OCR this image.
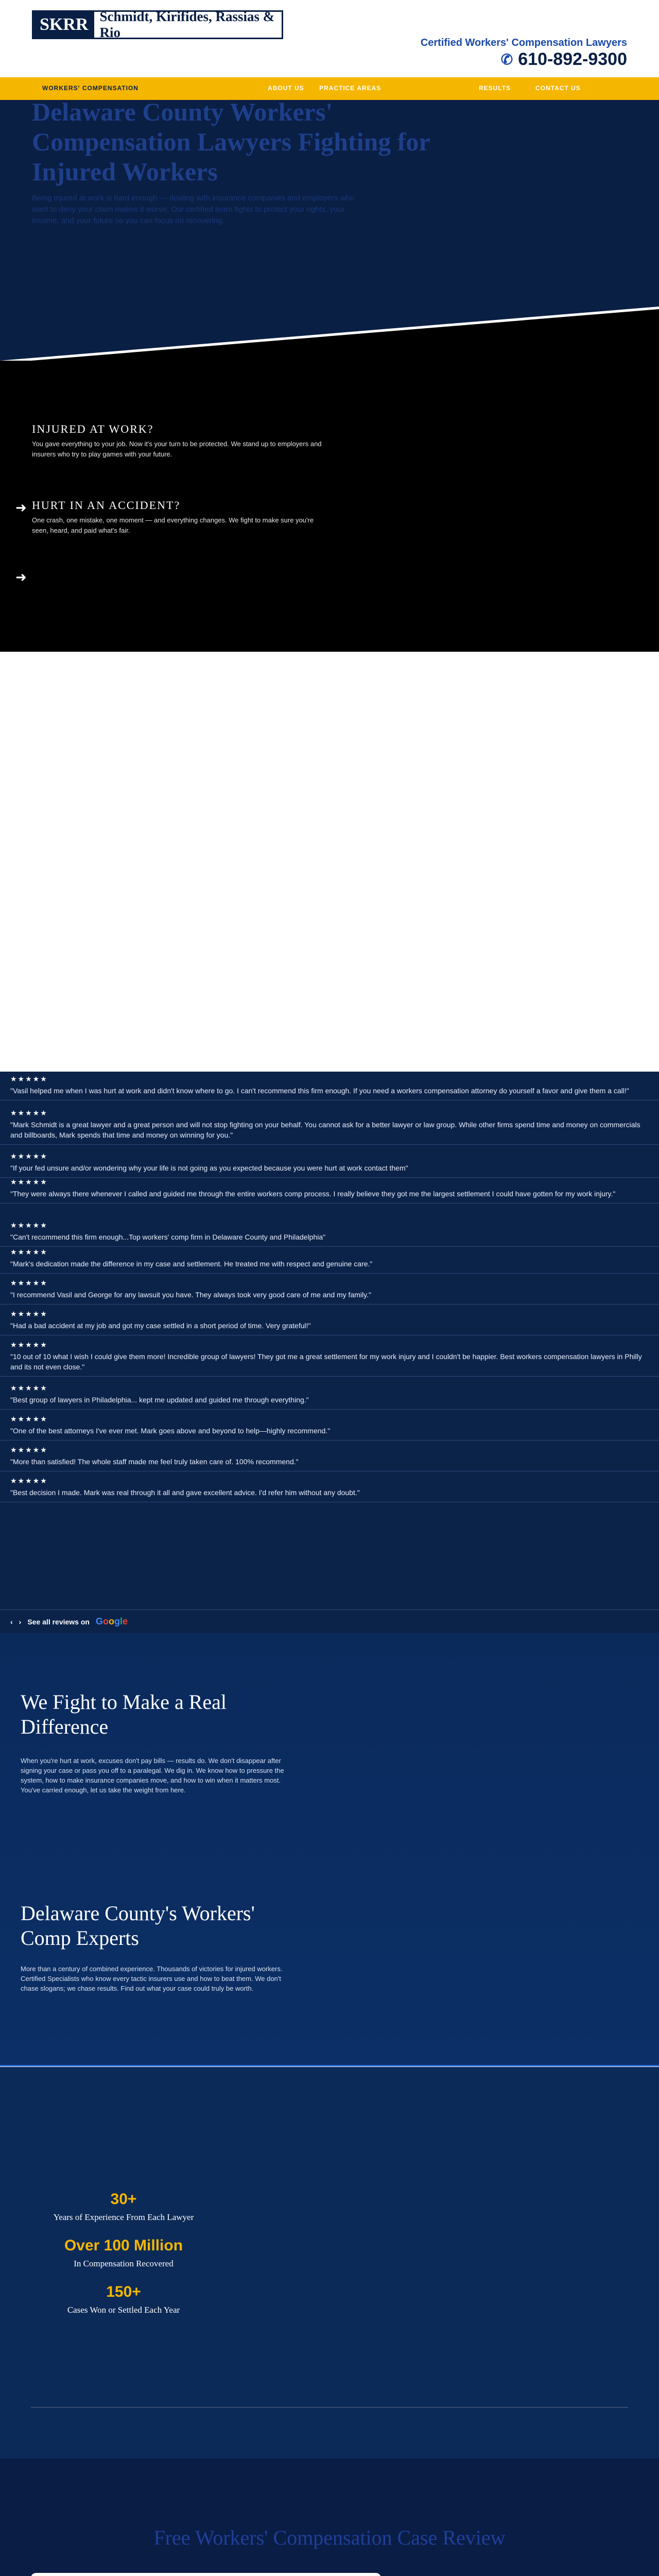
SKRR Schmidt, Kirifides, Rassias & Rio
Certified Workers' Compensation Lawyers
✆ 610-892-9300
WORKERS' COMPENSATION	ABOUT US	PRACTICE AREAS	RESULTS	CONTACT US
Delaware County Workers' Compensation Lawyers Fighting for Injured Workers

Being injured at work is hard enough — dealing with insurance companies and employers who want to deny your claim makes it worse. Our certified team fights to protect your rights, your income, and your future so you can focus on recovering.

INJURED AT WORK?
You gave everything to your job. Now it's your turn to be protected. We stand up to employers and insurers who try to play games with your future.
➜ HURT IN AN ACCIDENT?
One crash, one mistake, one moment — and everything changes. We fight to make sure you're seen, heard, and paid what's fair.
➜
★★★★★
"Vasil helped me when I was hurt at work and didn't know where to go. I can't recommend this firm enough. If you need a workers compensation attorney do yourself a favor and give them a call!"
★★★★★
"Mark Schmidt is a great lawyer and a great person and will not stop fighting on your behalf. You cannot ask for a better lawyer or law group. While other firms spend time and money on commercials and billboards, Mark spends that time and money on winning for you."
★★★★★
"If your fed unsure and/or wondering why your life is not going as you expected because you were hurt at work contact them"
★★★★★
"They were always there whenever I called and guided me through the entire workers comp process. I really believe they got me the largest settlement I could have gotten for my work injury."
★★★★★
"Can't recommend this firm enough...Top workers' comp firm in Delaware County and Philadelphia"
★★★★★
"Mark's dedication made the difference in my case and settlement. He treated me with respect and genuine care."
★★★★★
"I recommend Vasil and George for any lawsuit you have. They always took very good care of me and my family."
★★★★★
"Had a bad accident at my job and got my case settled in a short period of time. Very grateful!"
★★★★★
"10 out of 10 what I wish I could give them more! Incredible group of lawyers! They got me a great settlement for my work injury and I couldn't be happier. Best workers compensation lawyers in Philly and its not even close."
★★★★★
"Best group of lawyers in Philadelphia... kept me updated and guided me through everything."
★★★★★
"One of the best attorneys I've ever met. Mark goes above and beyond to help—highly recommend."
★★★★★
"More than satisfied! The whole staff made me feel truly taken care of. 100% recommend."
★★★★★
"Best decision I made. Mark was real through it all and gave excellent advice. I'd refer him without any doubt."
‹ › See all reviews on Google
We Fight to Make a Real Difference

When you're hurt at work, excuses don't pay bills — results do. We don't disappear after signing your case or pass you off to a paralegal. We dig in. We know how to pressure the system, how to make insurance companies move, and how to win when it matters most. You've carried enough, let us take the weight from here.

Delaware County's Workers' Comp Experts

More than a century of combined experience. Thousands of victories for injured workers. Certified Specialists who know every tactic insurers use and how to beat them. We don't chase slogans; we chase results. Find out what your case could truly be worth.

30+
Years of Experience From Each Lawyer
Over 100 Million
In Compensation Recovered
150+
Cases Won or Settled Each Year
Free Workers' Compensation Case Review
